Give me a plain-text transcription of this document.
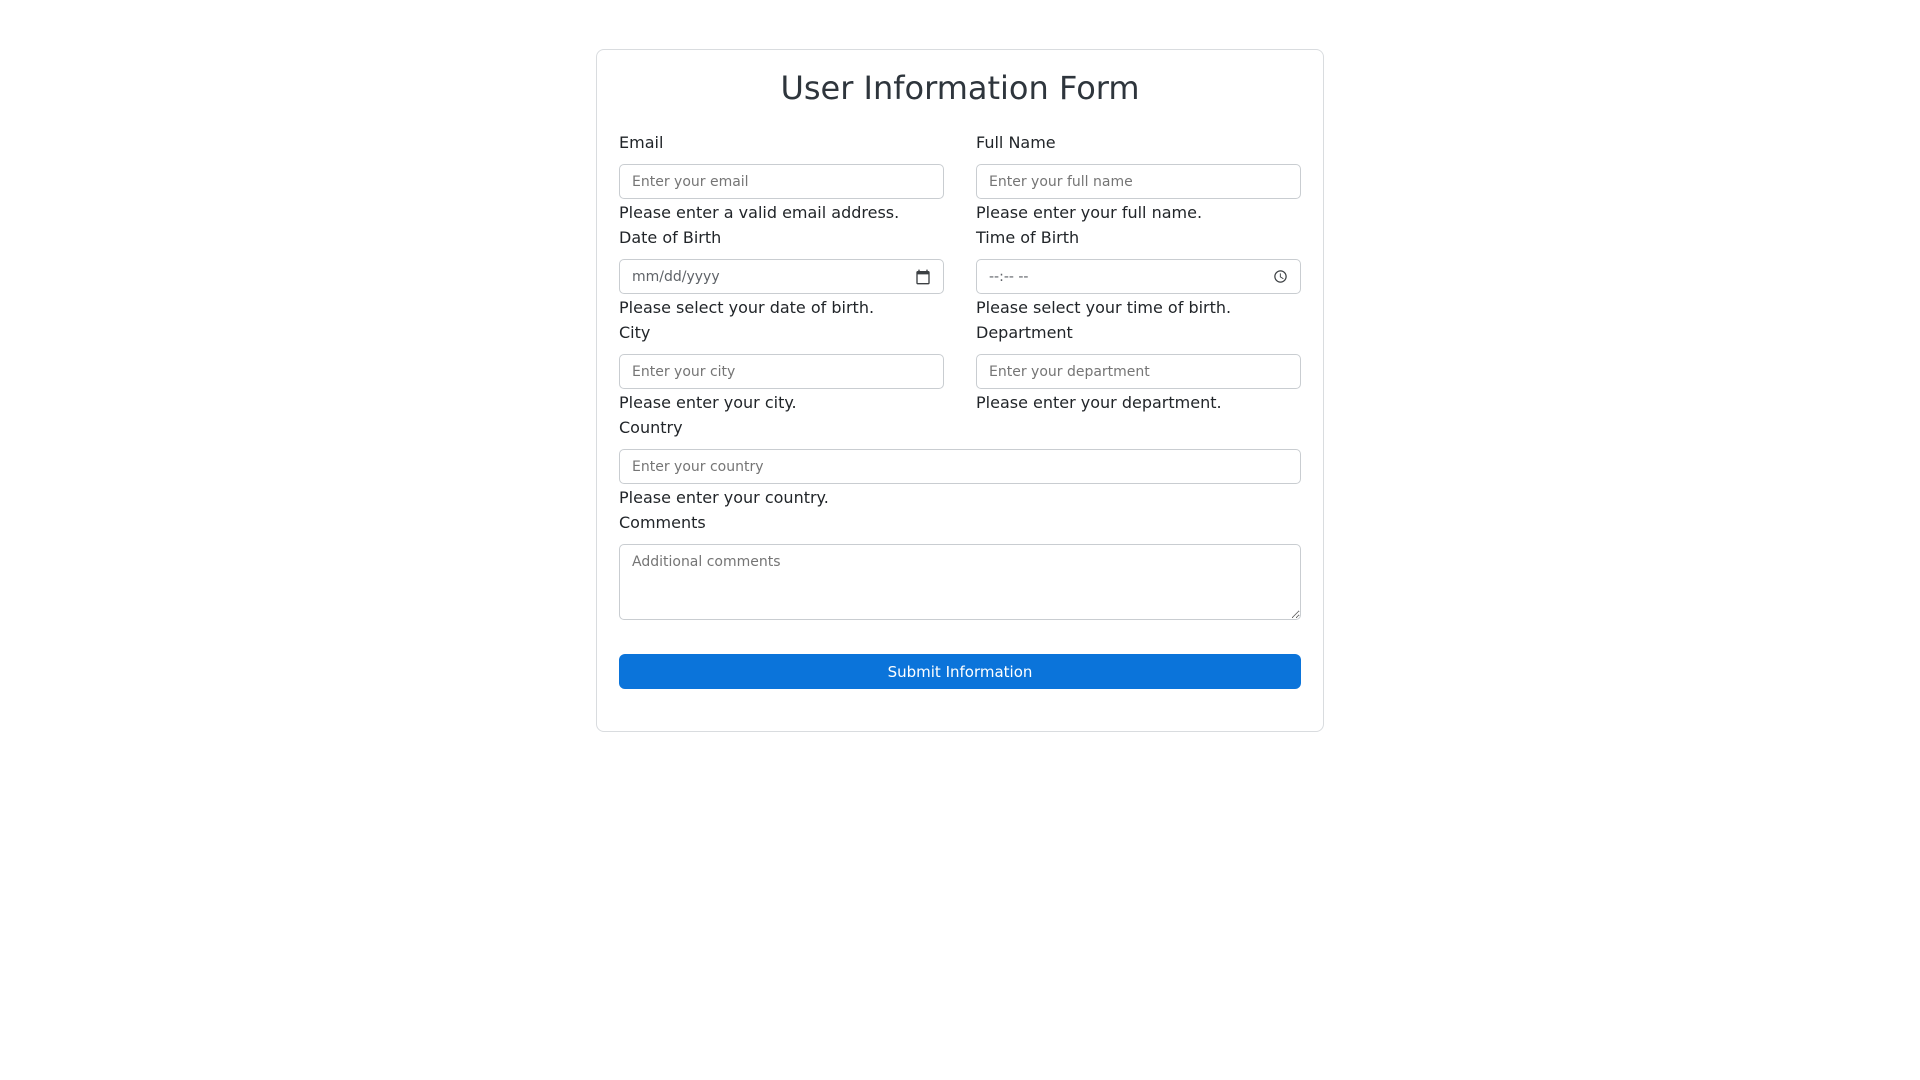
User Information Form
Email
Enter your email

Please enter a valid email address.

Full Name
Enter your full name

Please enter your full name.

Date of Birth
mm/dd/yyyy

Please select your date of birth.

Time of Birth
--:-- --

Please select your time of birth.

City
Enter your city

Please enter your city.

Department
Enter your department

Please enter your department.

Country
Enter your country

Please enter your country.

Comments
Additional comments
Submit Information
